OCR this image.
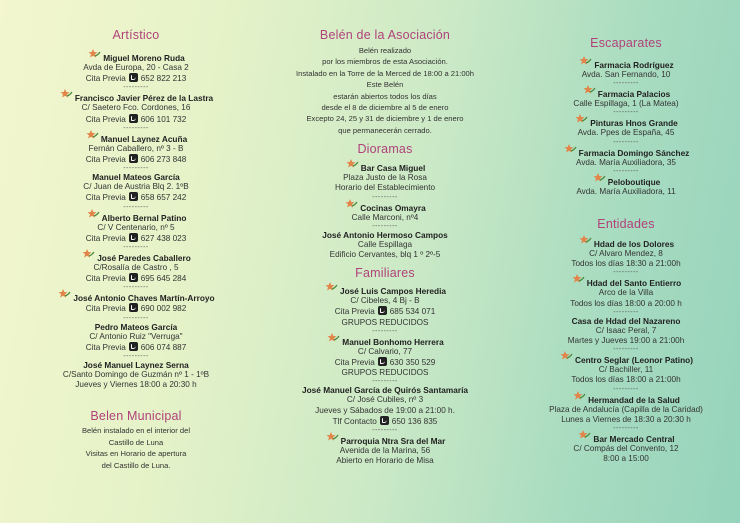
Artístico
Miguel Moreno Ruda
Avda de Europa, 20 - Casa 2
Cita Previa 652 822 213
---------
Francisco Javier Pérez de la Lastra
C/ Saetero Fco. Cordones, 16
Cita Previa 606 101 732
---------
Manuel Laynez Acuña
Fernán Caballero, nº 3 - B
Cita Previa 606 273 848
---------
Manuel Mateos García
C/ Juan de Austria Blq 2. 1ºB
Cita Previa 658 657 242
---------
Alberto Bernal Patino
C/ V Centenario, nº 5
Cita Previa 627 438 023
---------
José Paredes Caballero
C/Rosalía de Castro , 5
Cita Previa 695 645 284
---------
José Antonio Chaves Martín-Arroyo
Cita Previa 690 002 982
---------
Pedro Mateos García
C/ Antonio Ruiz "Verruga"
Cita Previa 606 074 887
---------
José Manuel Laynez Serna
C/Santo Domingo de Guzmán nº 1 - 1ºB
Jueves y Viernes 18:00 a 20:30 h
Belen Municipal
Belén instalado en el interior del
Castillo de Luna
Visitas en Horario de apertura
del Castillo de Luna.
Belén de la Asociación
Belén realizado
por los miembros de esta Asociación.
Instalado en la Torre de la Merced de 18:00 a 21:00h
Este Belén
estarán abiertos todos los días
desde el 8 de diciembre al 5 de enero
Excepto 24, 25 y 31 de diciembre y 1 de enero
que permanecerán cerrado.
Dioramas
Bar Casa Miguel
Plaza Justo de la Rosa
Horario del Establecimiento
---------
Cocinas Omayra
Calle Marconi, nº4
---------
José Antonio Hermoso Campos
Calle Espillaga
Edificio Cervantes, blq 1 º 2º-5
Familiares
José Luis Campos Heredia
C/ Cibeles, 4 Bj - B
Cita Previa 685 534 071
GRUPOS REDUCIDOS
---------
Manuel Bonhomo Herrera
C/ Calvario, 77
Cita Previa 630 350 529
GRUPOS REDUCIDOS
---------
José Manuel García de Quirós Santamaría
C/ José Cubiles, nº 3
Jueves y Sábados de 19:00 a 21:00 h.
Tlf Contacto 650 136 835
---------
Parroquia Ntra Sra del Mar
Avenida de la Marina, 56
Abierto en Horario de Misa
Escaparates
Farmacia Rodríguez
Avda. San Fernando, 10
---------
Farmacia Palacios
Calle Espillaga, 1 (La Matea)
---------
Pinturas Hnos Grande
Avda. Ppes de España, 45
---------
Farmacia Domingo Sánchez
Avda. María Auxiliadora, 35
---------
Peloboutique
Avda. María Auxiliadora, 11
Entidades
Hdad de los Dolores
C/ Alvaro Mendez, 8
Todos los días 18:30 a 21:00h
---------
Hdad del Santo Entierro
Arco de la Villa
Todos los días 18:00 a 20:00 h
---------
Casa de Hdad del Nazareno
C/ Isaac Peral, 7
Martes y Jueves 19:00 a 21:00h
---------
Centro Seglar (Leonor Patino)
C/ Bachiller, 11
Todos los días 18:00 a 21:00h
---------
Hermandad de la Salud
Plaza de Andalucía (Capilla de la Caridad)
Lunes a Viernes de 18:30 a 20:30 h
---------
Bar Mercado Central
C/ Compás del Convento, 12
8:00 a 15:00
